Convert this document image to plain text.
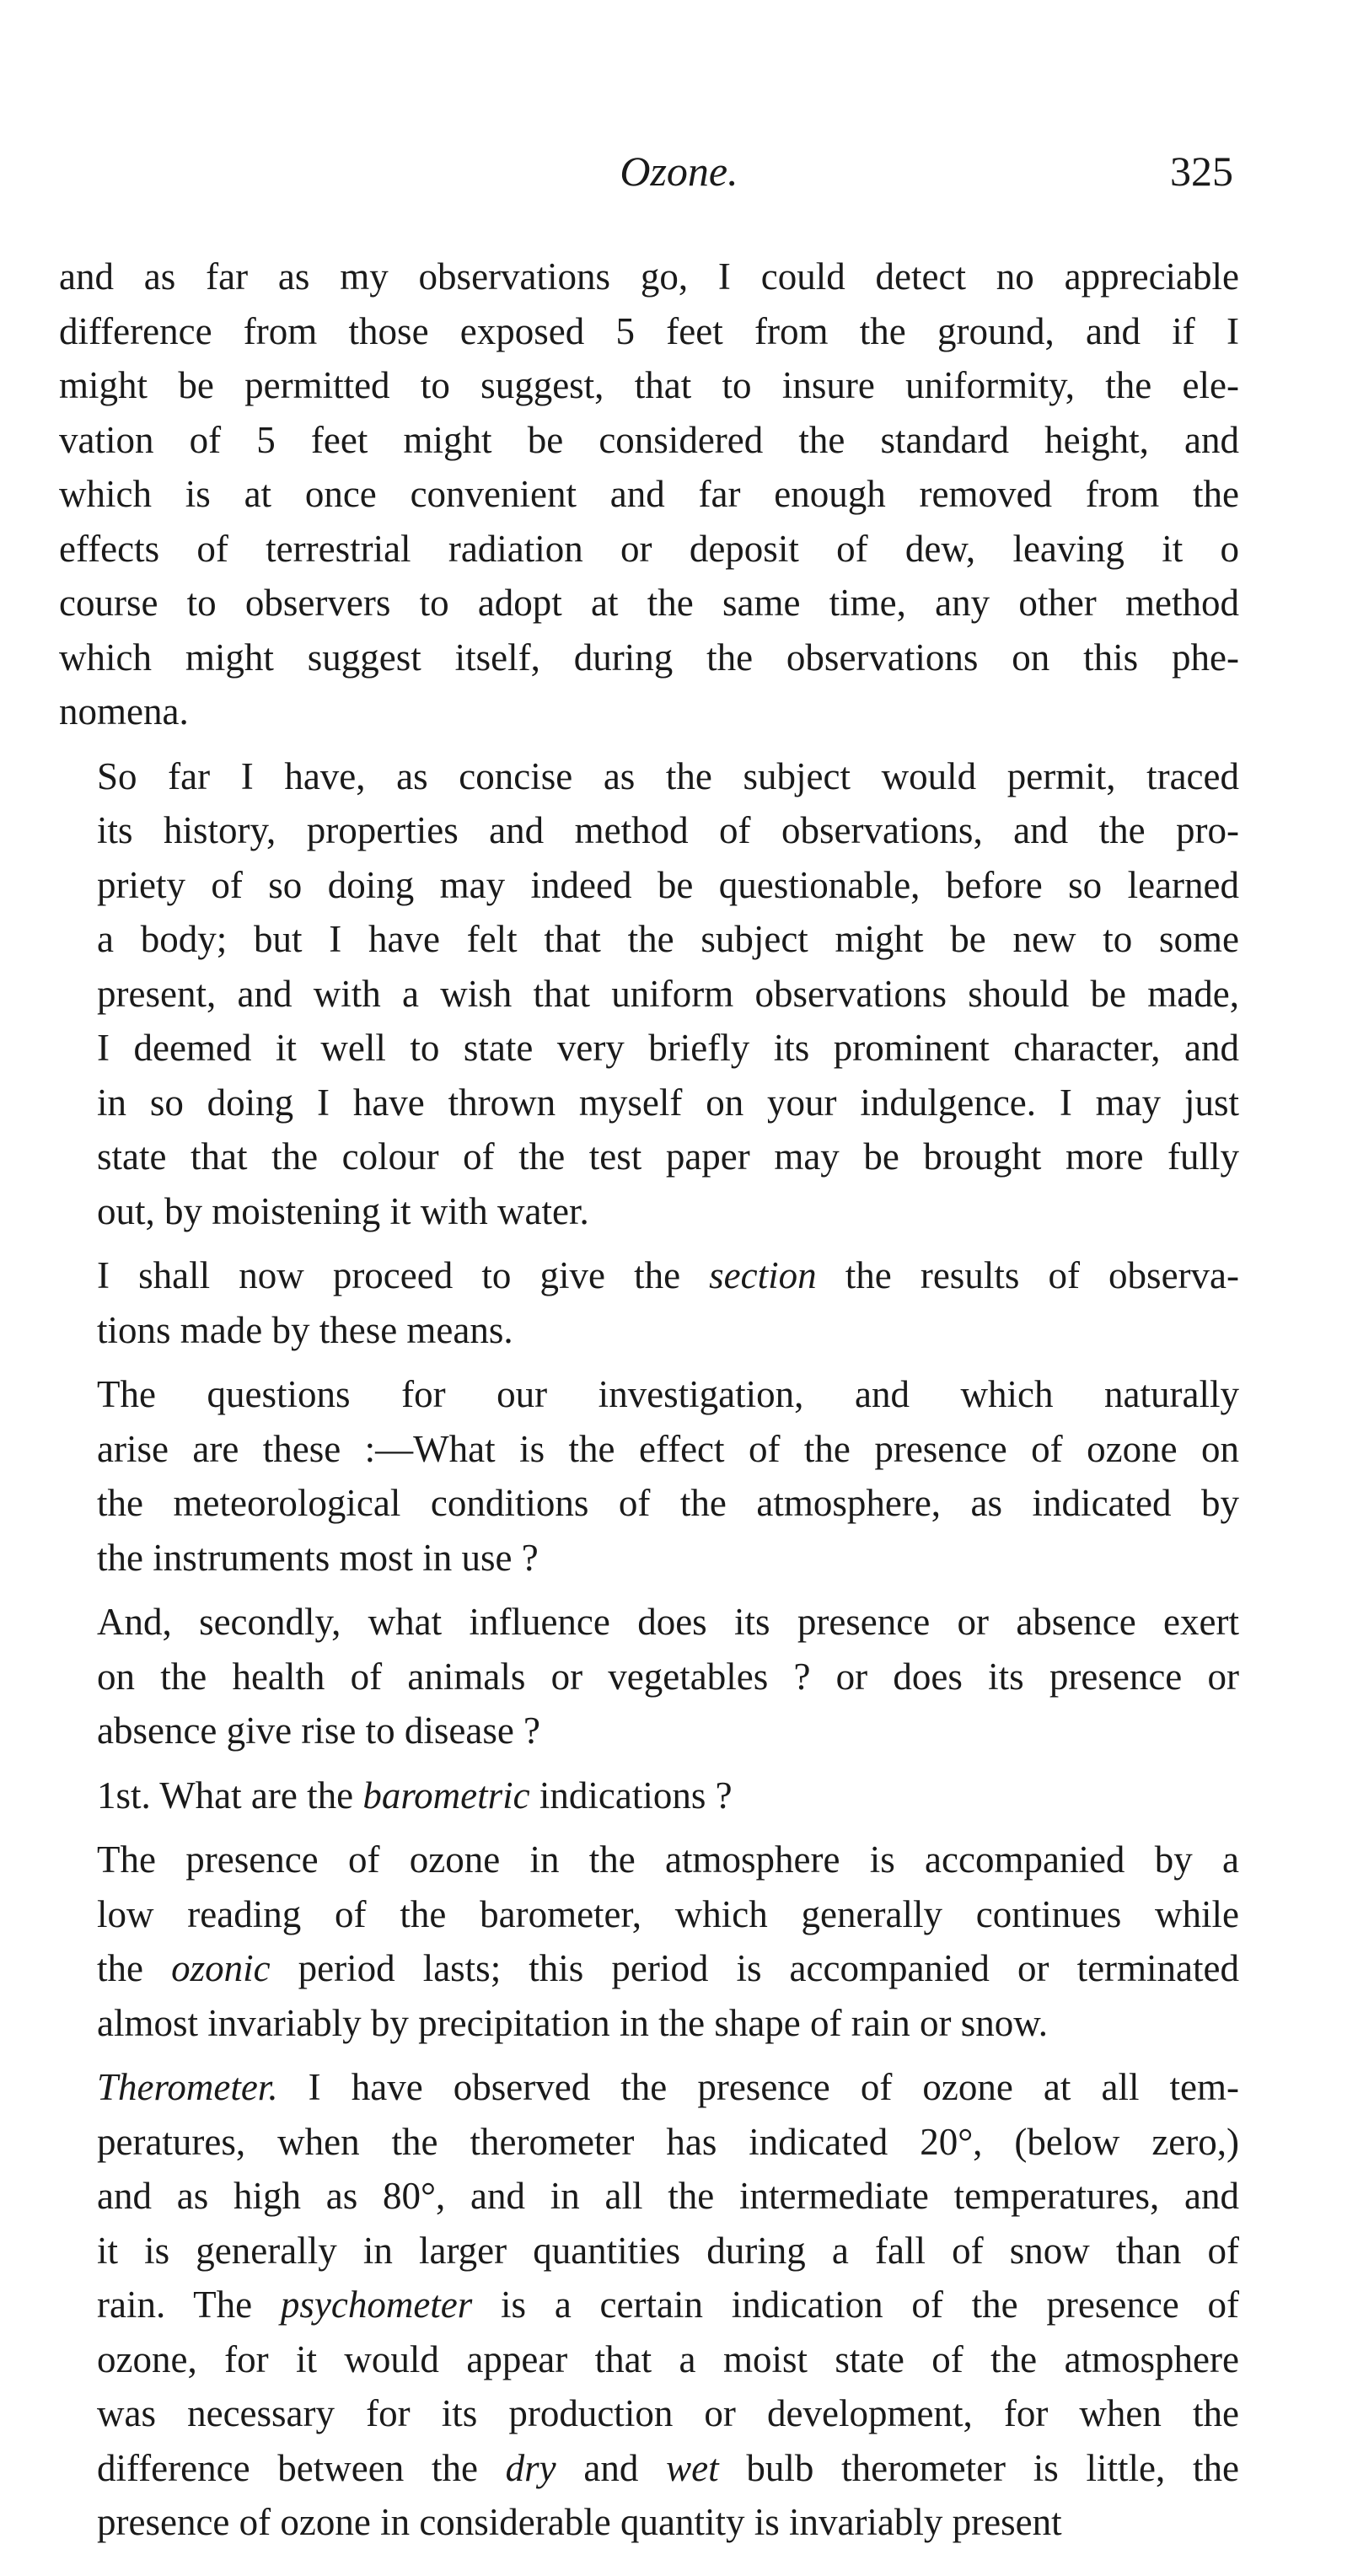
Ozone.	325

and as far as my observations go, I could detect no appreciable
difference from those exposed 5 feet from the ground, and if I
might be permitted to suggest, that to insure uniformity, the ele-
vation of 5 feet might be considered the standard height, and
which is at once convenient and far enough removed from the
effects of terrestrial radiation or deposit of dew, leaving it o
course to observers to adopt at the same time, any other method
which might suggest itself, during the observations on this phe-
nomena.

So far I have, as concise as the subject would permit, traced
its history, properties and method of observations, and the pro-
priety of so doing may indeed be questionable, before so learned
a body; but I have felt that the subject might be new to some
present, and with a wish that uniform observations should be made,
I deemed it well to state very briefly its prominent character, and
in so doing I have thrown myself on your indulgence. I may just
state that the colour of the test paper may be brought more fully
out, by moistening it with water.

I shall now proceed to give the section the results of observa-
tions made by these means.

The questions for our investigation, and which naturally
arise are these :—What is the effect of the presence of ozone on
the meteorological conditions of the atmosphere, as indicated by
the instruments most in use ?

And, secondly, what influence does its presence or absence exert
on the health of animals or vegetables ? or does its presence or
absence give rise to disease ?

1st. What are the barometric indications ?

The presence of ozone in the atmosphere is accompanied by a
low reading of the barometer, which generally continues while
the ozonic period lasts; this period is accompanied or terminated
almost invariably by precipitation in the shape of rain or snow.

Therometer. I have observed the presence of ozone at all tem-
peratures, when the therometer has indicated 20°, (below zero,)
and as high as 80°, and in all the intermediate temperatures, and
it is generally in larger quantities during a fall of snow than of
rain. The psychometer is a certain indication of the presence of
ozone, for it would appear that a moist state of the atmosphere
was necessary for its production or development, for when the
difference between the dry and wet bulb therometer is little, the
presence of ozone in considerable quantity is invariably present
